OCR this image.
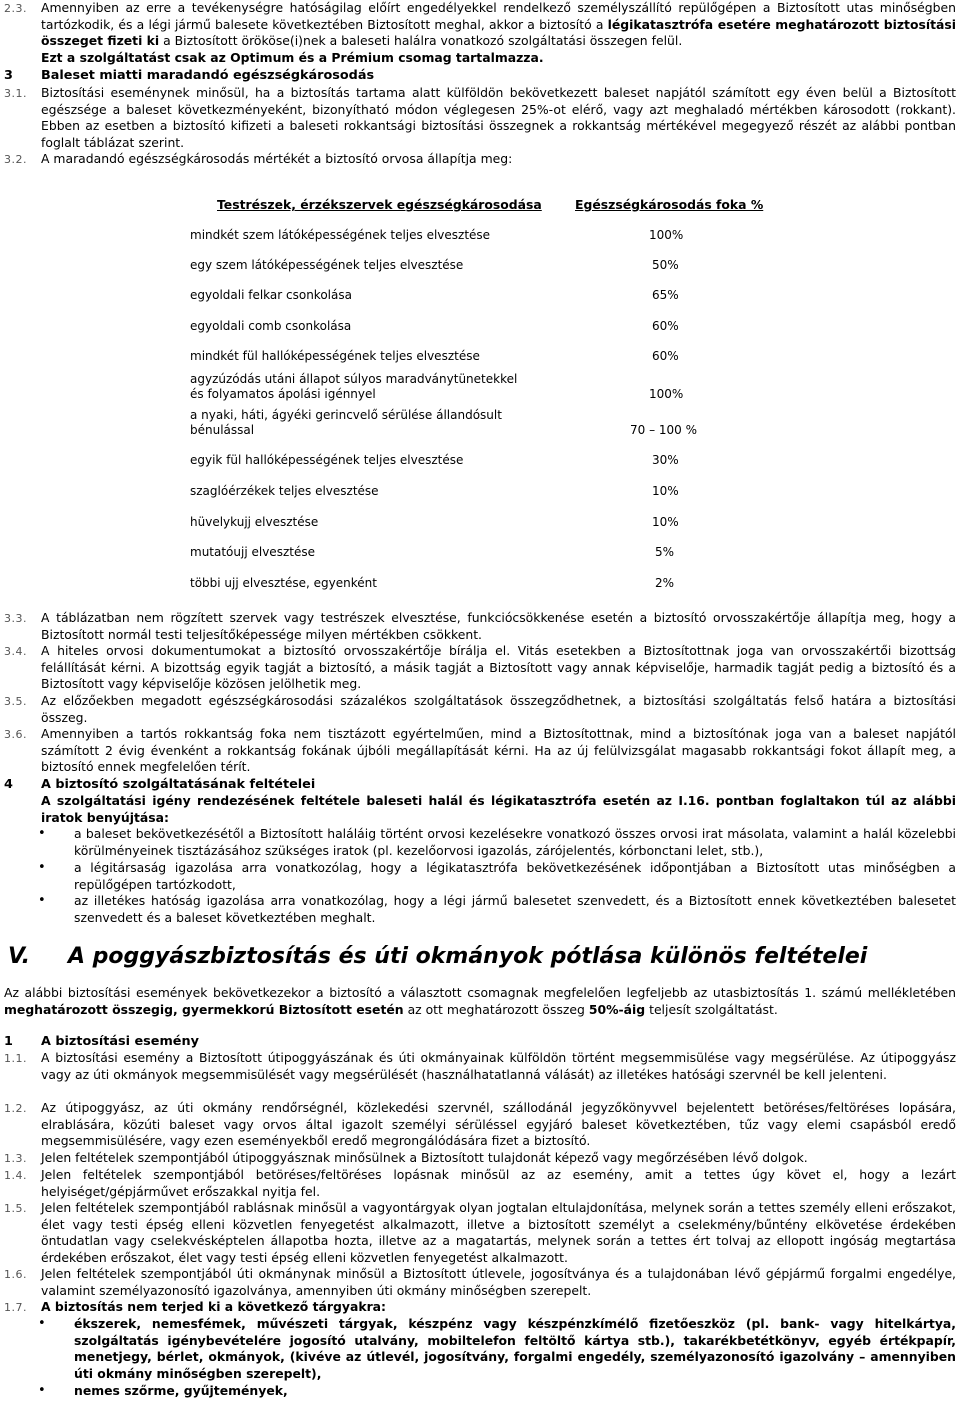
2.3.	Amennyiben az erre a tevékenységre hatóságilag előírt engedélyekkel rendelkező személyszállító repülőgépen a Biztosított utas minőségben tartózkodik, és a légi jármű balesete következtében Biztosított meghal, akkor a biztosító a légikatasztrófa esetére meghatározott biztosítási összeget fizeti ki a Biztosított örököse(i)nek a baleseti halálra vonatkozó szolgáltatási összegen felül.
Ezt a szolgáltatást csak az Optimum és a Prémium csomag tartalmazza.
3 Baleset miatti maradandó egészségkárosodás
3.1.	Biztosítási eseménynek minősül, ha a biztosítás tartama alatt külföldön bekövetkezett baleset napjától számított egy éven belül a Biztosított egészsége a baleset következményeként, bizonyítható módon véglegesen 25%-ot elérő, vagy azt meghaladó mértékben károsodott (rokkant). Ebben az esetben a biztosító kifizeti a baleseti rokkantsági biztosítási összegnek a rokkantság mértékével megegyező részét az alábbi pontban foglalt táblázat szerint.
3.2.	A maradandó egészségkárosodás mértékét a biztosító orvosa állapítja meg:
Testrészek, érzékszervek egészségkárosodása	Egészségkárosodás foka %
mindkét szem látóképességének teljes elvesztése	100%
egy szem látóképességének teljes elvesztése	50%
egyoldali felkar csonkolása	65%
egyoldali comb csonkolása	60%
mindkét fül hallóképességének teljes elvesztése	60%
agyzúzódás utáni állapot súlyos maradványtünetekkel és folyamatos ápolási igénnyel	100%
a nyaki, háti, ágyéki gerincvelő sérülése állandósult bénulással	70 – 100 %
egyik fül hallóképességének teljes elvesztése	30%
szaglóérzékek teljes elvesztése	10%
hüvelykujj elvesztése	10%
mutatóujj elvesztése	5%
többi ujj elvesztése, egyenként	2%
3.3.	A táblázatban nem rögzített szervek vagy testrészek elvesztése, funkciócsökkenése esetén a biztosító orvosszakértője állapítja meg, hogy a Biztosított normál testi teljesítőképessége milyen mértékben csökkent.
3.4.	A hiteles orvosi dokumentumokat a biztosító orvosszakértője bírálja el. Vitás esetekben a Biztosítottnak joga van orvosszakértői bizottság felállítását kérni. A bizottság egyik tagját a biztosító, a másik tagját a Biztosított vagy annak képviselője, harmadik tagját pedig a biztosító és a Biztosított vagy képviselője közösen jelölhetik meg.
3.5.	Az előzőekben megadott egészségkárosodási százalékos szolgáltatások összegződhetnek, a biztosítási szolgáltatás felső határa a biztosítási összeg.
3.6.	Amennyiben a tartós rokkantság foka nem tisztázott egyértelműen, mind a Biztosítottnak, mind a biztosítónak joga van a baleset napjától számított 2 évig évenként a rokkantság fokának újbóli megállapítását kérni. Ha az új felülvizsgálat magasabb rokkantsági fokot állapít meg, a biztosító ennek megfelelően térít.
4 A biztosító szolgáltatásának feltételei
A szolgáltatási igény rendezésének feltétele baleseti halál és légikatasztrófa esetén az I.16. pontban foglaltakon túl az alábbi iratok benyújtása:
• a baleset bekövetkezésétől a Biztosított haláláig történt orvosi kezelésekre vonatkozó összes orvosi irat másolata, valamint a halál közelebbi körülményeinek tisztázásához szükséges iratok (pl. kezelőorvosi igazolás, zárójelentés, kórbonctani lelet, stb.),
• a légitársaság igazolása arra vonatkozólag, hogy a légikatasztrófa bekövetkezésének időpontjában a Biztosított utas minőségben a repülőgépen tartózkodott,
• az illetékes hatóság igazolása arra vonatkozólag, hogy a légi jármű balesetet szenvedett, és a Biztosított ennek következtében balesetet szenvedett és a baleset következtében meghalt.
V. A poggyászbiztosítás és úti okmányok pótlása különös feltételei
Az alábbi biztosítási események bekövetkezekor a biztosító a választott csomagnak megfelelően legfeljebb az utasbiztosítás 1. számú mellékletében meghatározott összegig, gyermekkorú Biztosított esetén az ott meghatározott összeg 50%-áig teljesít szolgáltatást.
1 A biztosítási esemény
1.1.	A biztosítási esemény a Biztosított útipoggyászának és úti okmányainak külföldön történt megsemmisülése vagy megsérülése. Az útipoggyász vagy az úti okmányok megsemmisülését vagy megsérülését (használhatatlanná válását) az illetékes hatósági szervnél be kell jelenteni.
1.2.	Az útipoggyász, az úti okmány rendőrségnél, közlekedési szervnél, szállodánál jegyzőkönyvvel bejelentett betöréses/feltöréses lopására, elrablására, közúti baleset vagy orvos által igazolt személyi sérüléssel egyjáró baleset következtében, tűz vagy elemi csapásból eredő megsemmisülésére, vagy ezen eseményekből eredő megrongálódására fizet a biztosító.
1.3.	Jelen feltételek szempontjából útipoggyásznak minősülnek a Biztosított tulajdonát képező vagy megőrzésében lévő dolgok.
1.4.	Jelen feltételek szempontjából betöréses/feltöréses lopásnak minősül az az esemény, amit a tettes úgy követ el, hogy a lezárt helyiséget/gépjárművet erőszakkal nyitja fel.
1.5.	Jelen feltételek szempontjából rablásnak minősül a vagyontárgyak olyan jogtalan eltulajdonítása, melynek során a tettes személy elleni erőszakot, élet vagy testi épség elleni közvetlen fenyegetést alkalmazott, illetve a biztosított személyt a cselekmény/bűntény elkövetése érdekében öntudatlan vagy cselekvésképtelen állapotba hozta, illetve az a magatartás, melynek során a tettes ért tolvaj az ellopott ingóság megtartása érdekében erőszakot, élet vagy testi épség elleni közvetlen fenyegetést alkalmazott.
1.6.	Jelen feltételek szempontjából úti okmánynak minősül a Biztosított útlevele, jogosítványa és a tulajdonában lévő gépjármű forgalmi engedélye, valamint személyazonosító igazolványa, amennyiben úti okmány minőségben szerepelt.
1.7.	A biztosítás nem terjed ki a következő tárgyakra:
• ékszerek, nemesfémek, művészeti tárgyak, készpénz vagy készpénzkímélő fizetőeszköz (pl. bank- vagy hitelkártya, szolgáltatás igénybevételére jogosító utalvány, mobiltelefon feltöltő kártya stb.), takarékbetétkönyv, egyéb értékpapír, menetjegy, bérlet, okmányok, (kivéve az útlevél, jogosítvány, forgalmi engedély, személyazonosító igazolvány – amennyiben úti okmány minőségben szerepelt),
• nemes szőrme, gyűjtemények,
